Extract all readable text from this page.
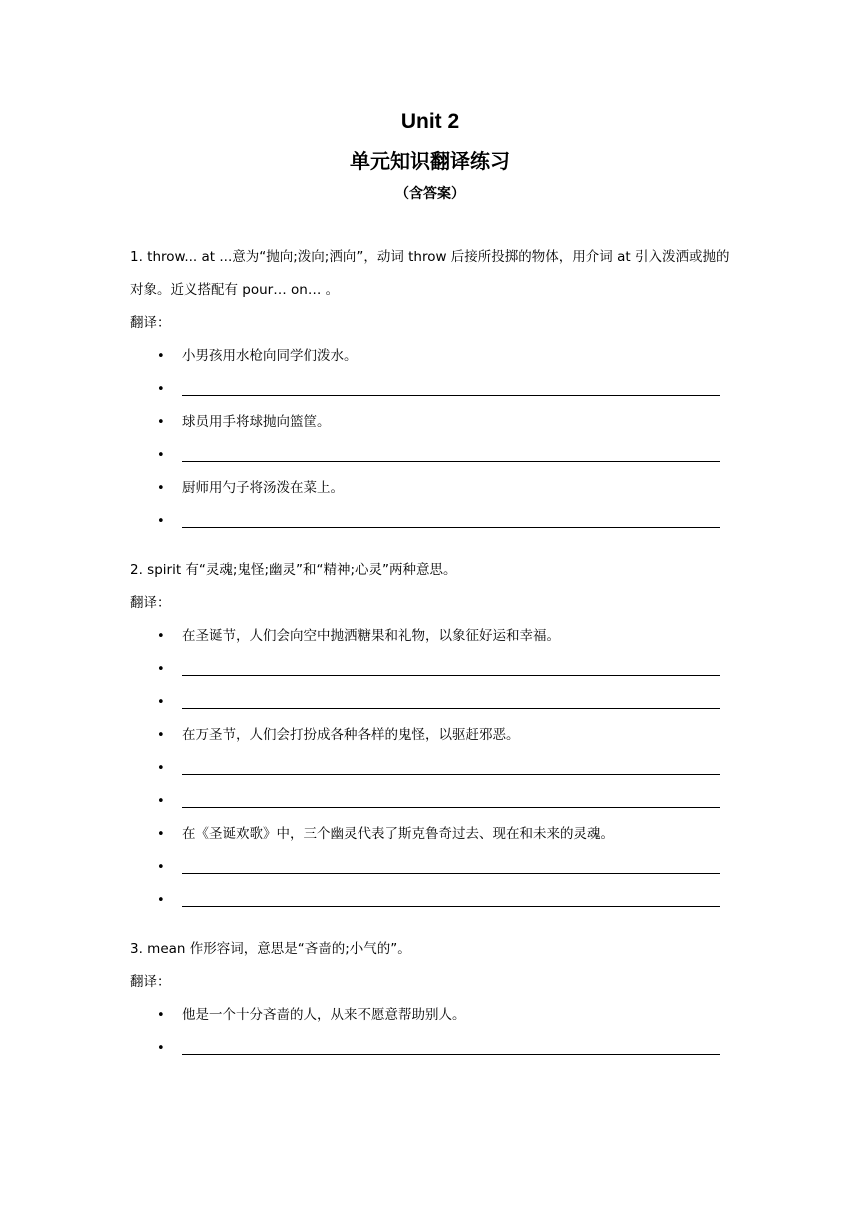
Unit 2
单元知识翻译练习
（含答案）

1. throw... at ...意为“抛向;泼向;洒向”，动词 throw 后接所投掷的物体，用介词 at 引入泼洒或抛的对象。近义搭配有 pour… on… 。

翻译：

• 小男孩用水枪向同学们泼水。
•
• 球员用手将球抛向篮筐。
•
• 厨师用勺子将汤泼在菜上。
•

2. spirit 有“灵魂;鬼怪;幽灵”和“精神;心灵”两种意思。

翻译：

• 在圣诞节，人们会向空中抛洒糖果和礼物，以象征好运和幸福。
•
•
• 在万圣节，人们会打扮成各种各样的鬼怪，以驱赶邪恶。
•
•
• 在《圣诞欢歌》中，三个幽灵代表了斯克鲁奇过去、现在和未来的灵魂。
•
•

3. mean 作形容词，意思是“吝啬的;小气的”。

翻译：

• 他是一个十分吝啬的人，从来不愿意帮助别人。
•
